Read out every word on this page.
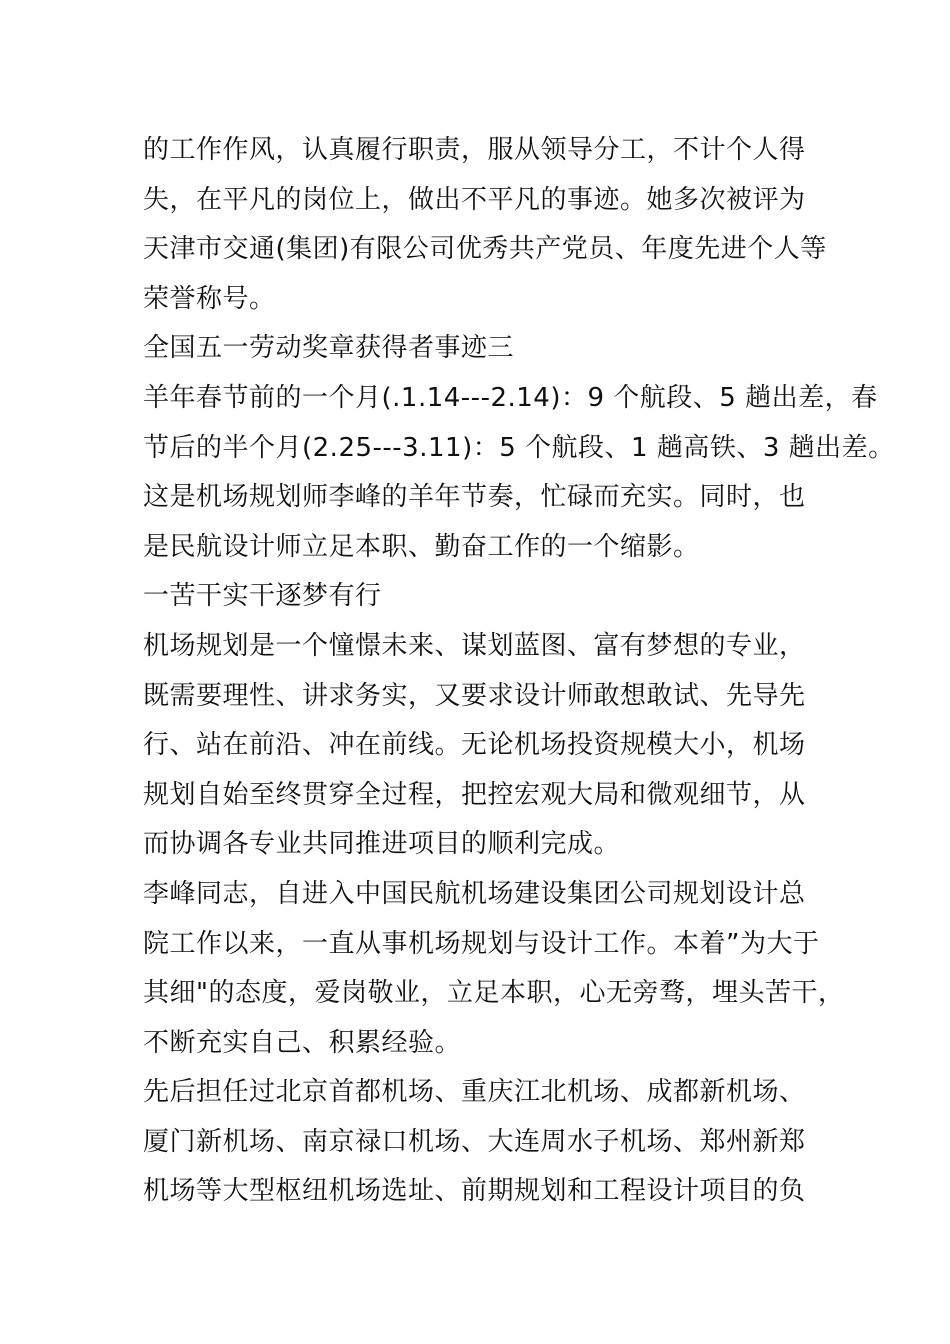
的工作作风，认真履行职责，服从领导分工，不计个人得
失，在平凡的岗位上，做出不平凡的事迹。她多次被评为
天津市交通(集团)有限公司优秀共产党员、年度先进个人等
荣誉称号。
全国五一劳动奖章获得者事迹三
羊年春节前的一个月(.1.14---2.14)：9 个航段、5 趟出差，春
节后的半个月(2.25---3.11)：5 个航段、1 趟高铁、3 趟出差。
这是机场规划师李峰的羊年节奏，忙碌而充实。同时，也
是民航设计师立足本职、勤奋工作的一个缩影。
一苦干实干逐梦有行
机场规划是一个憧憬未来、谋划蓝图、富有梦想的专业，
既需要理性、讲求务实，又要求设计师敢想敢试、先导先
行、站在前沿、冲在前线。无论机场投资规模大小，机场
规划自始至终贯穿全过程，把控宏观大局和微观细节，从
而协调各专业共同推进项目的顺利完成。
李峰同志，自进入中国民航机场建设集团公司规划设计总
院工作以来，一直从事机场规划与设计工作。本着”为大于
其细"的态度，爱岗敬业，立足本职，心无旁骛，埋头苦干，
不断充实自己、积累经验。
先后担任过北京首都机场、重庆江北机场、成都新机场、
厦门新机场、南京禄口机场、大连周水子机场、郑州新郑
机场等大型枢纽机场选址、前期规划和工程设计项目的负
